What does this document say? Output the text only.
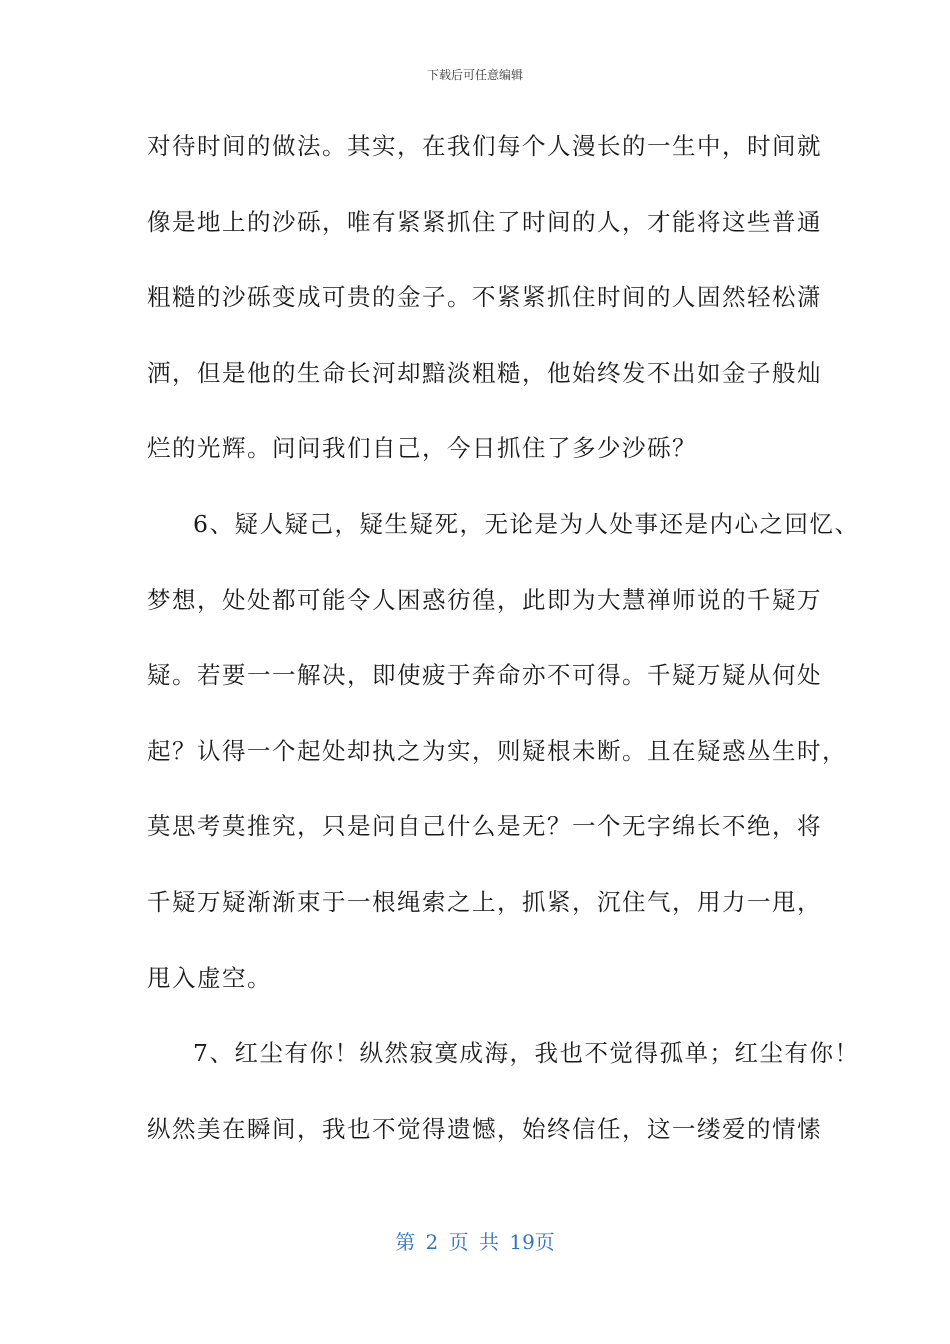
下载后可任意编辑
对待时间的做法。其实，在我们每个人漫长的一生中，时间就
像是地上的沙砾，唯有紧紧抓住了时间的人，才能将这些普通
粗糙的沙砾变成可贵的金子。不紧紧抓住时间的人固然轻松潇
洒，但是他的生命长河却黯淡粗糙，他始终发不出如金子般灿
烂的光辉。问问我们自己，今日抓住了多少沙砾？
6、疑人疑己，疑生疑死，无论是为人处事还是内心之回忆、
梦想，处处都可能令人困惑彷徨，此即为大慧禅师说的千疑万
疑。若要一一解决，即使疲于奔命亦不可得。千疑万疑从何处
起？认得一个起处却执之为实，则疑根未断。且在疑惑丛生时，
莫思考莫推究，只是问自己什么是无？一个无字绵长不绝，将
千疑万疑渐渐束于一根绳索之上，抓紧，沉住气，用力一甩，
甩入虚空。
7、红尘有你！纵然寂寞成海，我也不觉得孤单；红尘有你！
纵然美在瞬间，我也不觉得遗憾，始终信任，这一缕爱的情愫
第 2 页 共 19页
